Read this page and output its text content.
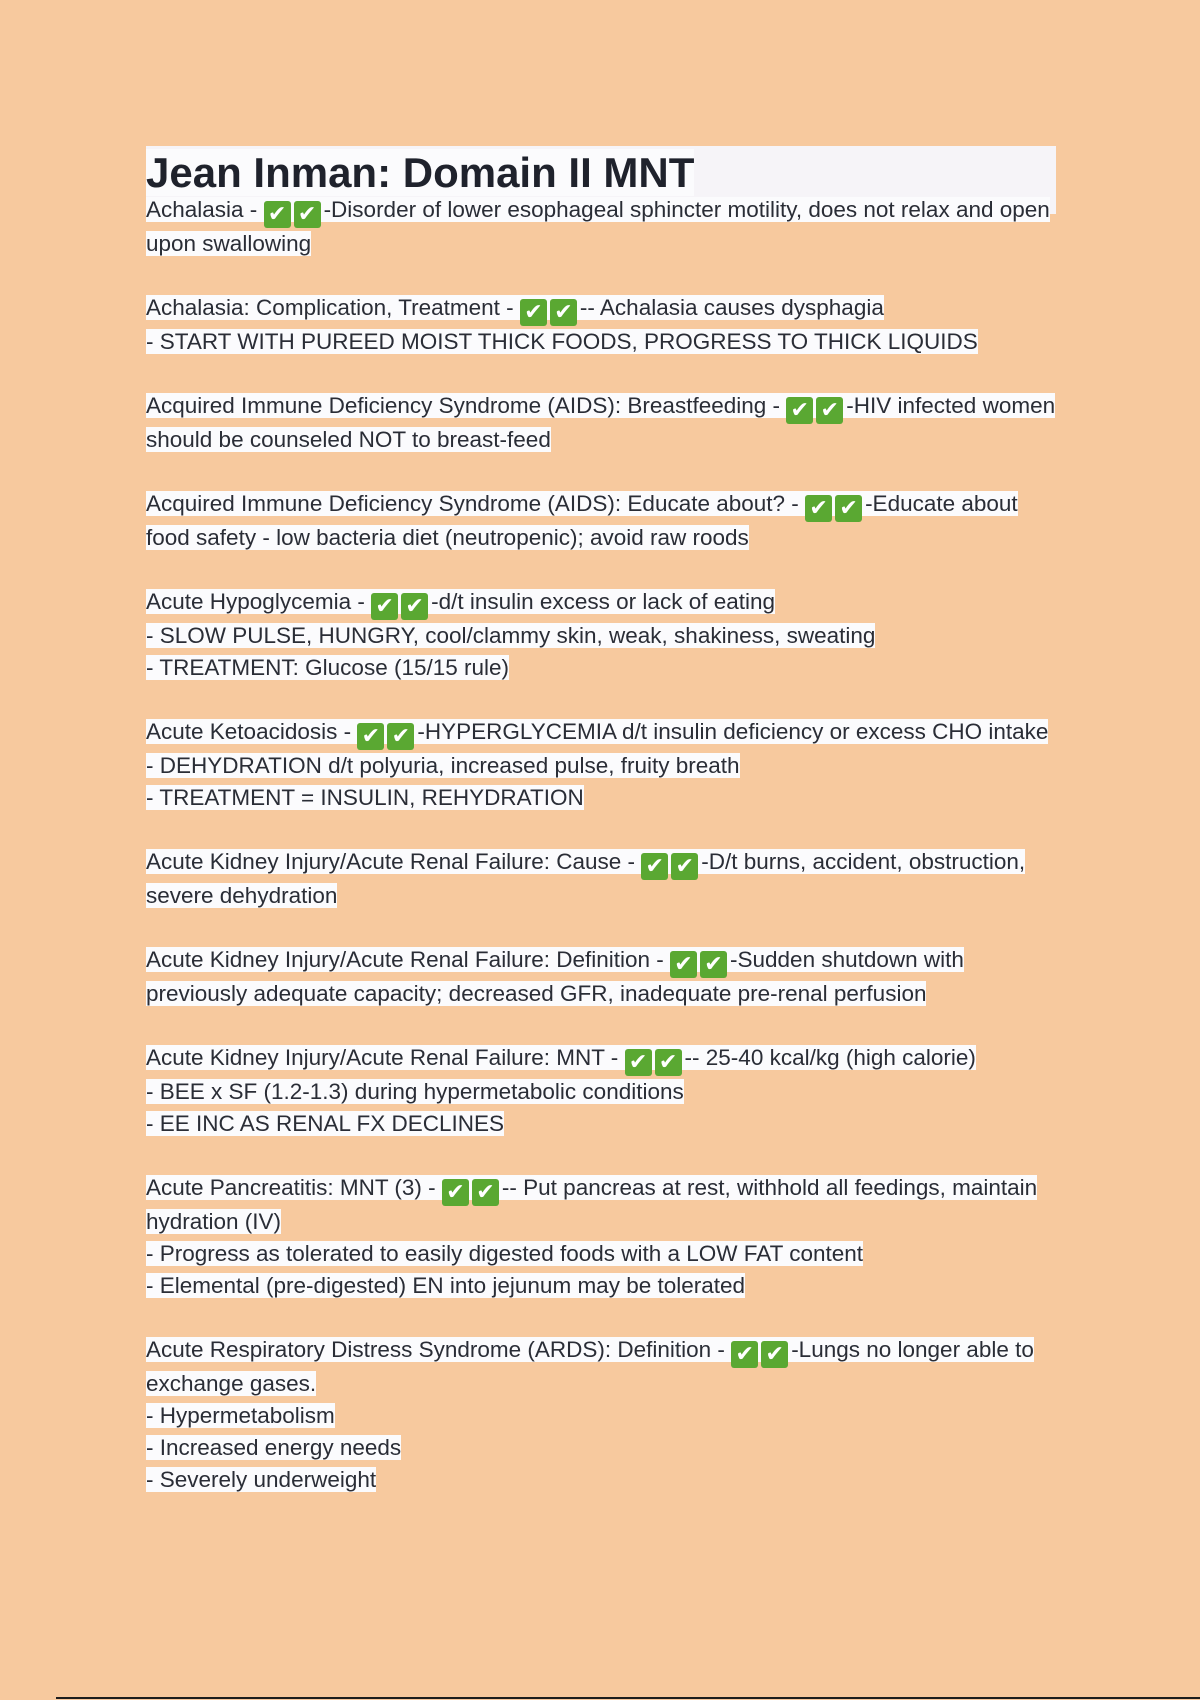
Jean Inman: Domain II MNT
Achalasia - ✔ ✔ -Disorder of lower esophageal sphincter motility, does not relax and open upon swallowing
Achalasia: Complication, Treatment - ✔ ✔ -- Achalasia causes dysphagia
- START WITH PUREED MOIST THICK FOODS, PROGRESS TO THICK LIQUIDS
Acquired Immune Deficiency Syndrome (AIDS): Breastfeeding - ✔ ✔ -HIV infected women should be counseled NOT to breast-feed
Acquired Immune Deficiency Syndrome (AIDS): Educate about? - ✔ ✔ -Educate about food safety - low bacteria diet (neutropenic); avoid raw roods
Acute Hypoglycemia - ✔ ✔ -d/t insulin excess or lack of eating
- SLOW PULSE, HUNGRY, cool/clammy skin, weak, shakiness, sweating
- TREATMENT: Glucose (15/15 rule)
Acute Ketoacidosis - ✔ ✔ -HYPERGLYCEMIA d/t insulin deficiency or excess CHO intake
- DEHYDRATION d/t polyuria, increased pulse, fruity breath
- TREATMENT = INSULIN, REHYDRATION
Acute Kidney Injury/Acute Renal Failure: Cause - ✔ ✔ -D/t burns, accident, obstruction, severe dehydration
Acute Kidney Injury/Acute Renal Failure: Definition - ✔ ✔ -Sudden shutdown with previously adequate capacity; decreased GFR, inadequate pre-renal perfusion
Acute Kidney Injury/Acute Renal Failure: MNT - ✔ ✔ -- 25-40 kcal/kg (high calorie)
- BEE x SF (1.2-1.3) during hypermetabolic conditions
- EE INC AS RENAL FX DECLINES
Acute Pancreatitis: MNT (3) - ✔ ✔ -- Put pancreas at rest, withhold all feedings, maintain hydration (IV)
- Progress as tolerated to easily digested foods with a LOW FAT content
- Elemental (pre-digested) EN into jejunum may be tolerated
Acute Respiratory Distress Syndrome (ARDS): Definition - ✔ ✔ -Lungs no longer able to exchange gases.
- Hypermetabolism
- Increased energy needs
- Severely underweight
